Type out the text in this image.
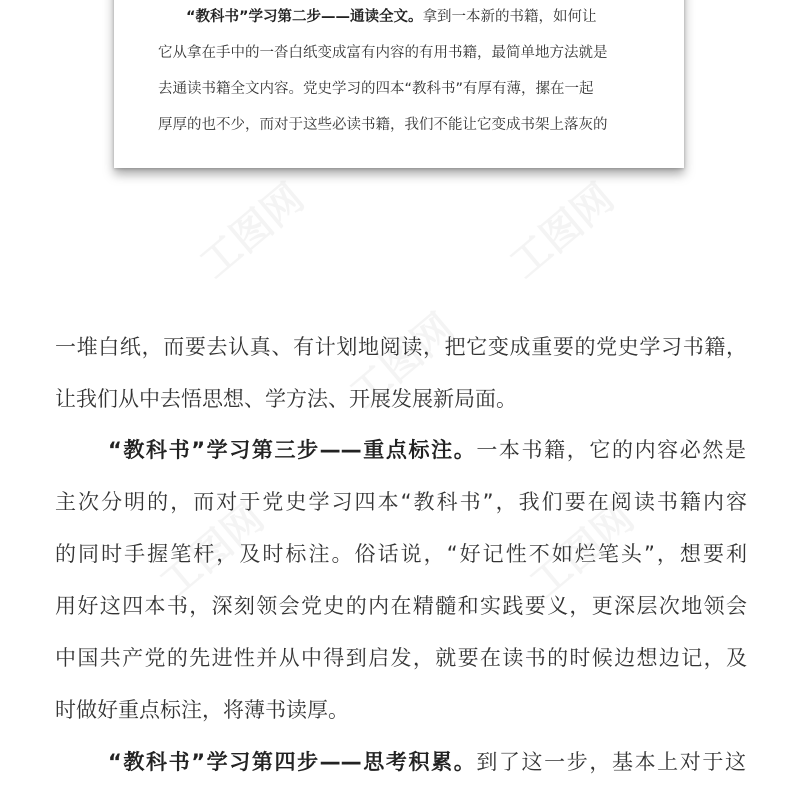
“教科书”学习第二步——通读全文。拿到一本新的书籍，如何让
它从拿在手中的一沓白纸变成富有内容的有用书籍，最简单地方法就是
去通读书籍全文内容。党史学习的四本“教科书”有厚有薄，摞在一起
厚厚的也不少，而对于这些必读书籍，我们不能让它变成书架上落灰的
一堆白纸，而要去认真、有计划地阅读，把它变成重要的党史学习书籍，
让我们从中去悟思想、学方法、开展发展新局面。
“教科书”学习第三步——重点标注。一本书籍，它的内容必然是
主次分明的，而对于党史学习四本“教科书”，我们要在阅读书籍内容
的同时手握笔杆，及时标注。俗话说，“好记性不如烂笔头”，想要利
用好这四本书，深刻领会党史的内在精髓和实践要义，更深层次地领会
中国共产党的先进性并从中得到启发，就要在读书的时候边想边记，及
时做好重点标注，将薄书读厚。
“教科书”学习第四步——思考积累。到了这一步，基本上对于这
